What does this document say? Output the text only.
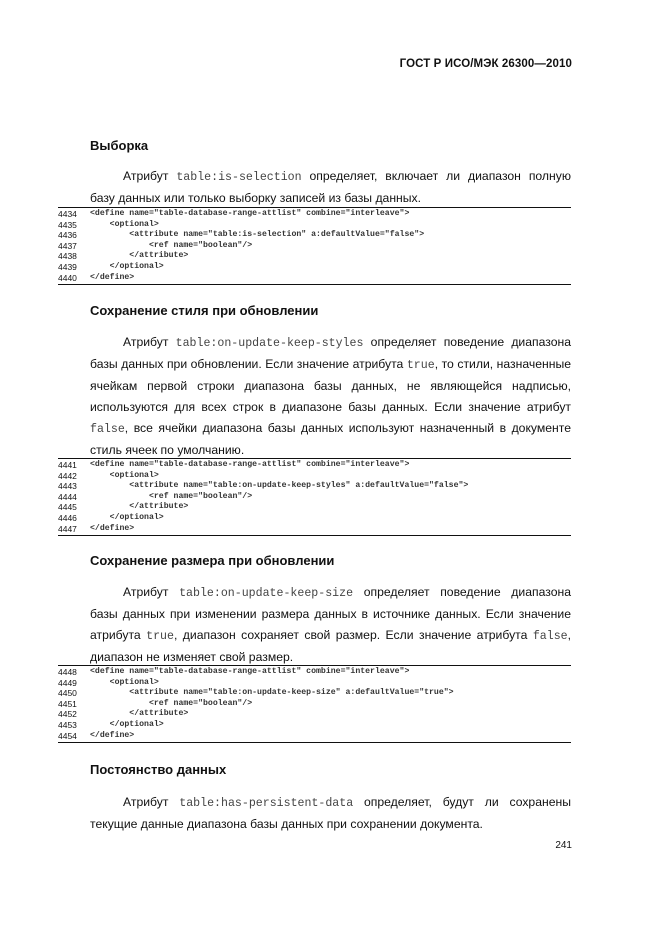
ГОСТ Р ИСО/МЭК 26300—2010
Выборка

Атрибут table:is-selection определяет, включает ли диапазон полную базу данных или только выборку записей из базы данных.

4434	<define name="table-database-range-attlist" combine="interleave">
4435	<optional>
4436	<attribute name="table:is-selection" a:defaultValue="false">
4437	<ref name="boolean"/>
4438	</attribute>
4439	</optional>
4440	</define>
Сохранение стиля при обновлении

Атрибут table:on-update-keep-styles определяет поведение диапазона базы данных при обновлении. Если значение атрибута true, то стили, назначенные ячейкам первой строки диапазона базы данных, не являющейся надписью, используются для всех строк в диапазоне базы данных. Если значение атрибут false, все ячейки диапазона базы данных используют назначенный в документе стиль ячеек по умолчанию.

4441	<define name="table-database-range-attlist" combine="interleave">
4442	<optional>
4443	<attribute name="table:on-update-keep-styles" a:defaultValue="false">
4444	<ref name="boolean"/>
4445	</attribute>
4446	</optional>
4447	</define>
Сохранение размера при обновлении

Атрибут table:on-update-keep-size определяет поведение диапазона базы данных при изменении размера данных в источнике данных. Если значение атрибута true, диапазон сохраняет свой размер. Если значение атрибута false, диапазон не изменяет свой размер.

4448	<define name="table-database-range-attlist" combine="interleave">
4449	<optional>
4450	<attribute name="table:on-update-keep-size" a:defaultValue="true">
4451	<ref name="boolean"/>
4452	</attribute>
4453	</optional>
4454	</define>
Постоянство данных

Атрибут table:has-persistent-data определяет, будут ли сохранены текущие данные диапазона базы данных при сохранении документа.

241
